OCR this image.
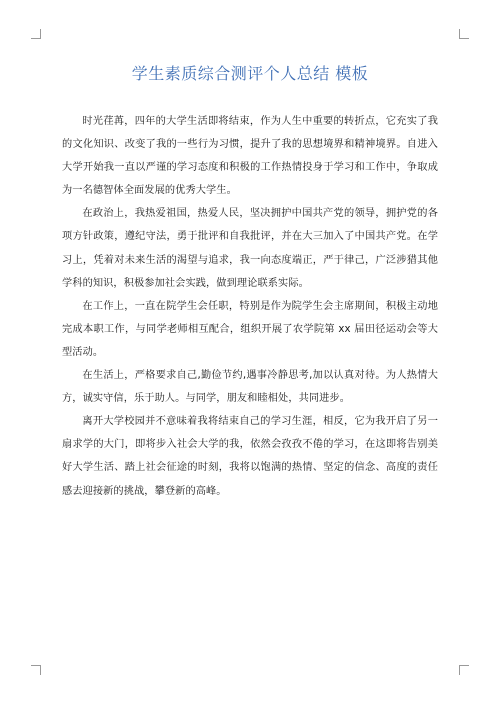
学生素质综合测评个人总结 模板

时光荏苒，四年的大学生活即将结束，作为人生中重要的转折点，它充实了我的文化知识、改变了我的一些行为习惯，提升了我的思想境界和精神境界。自进入大学开始我一直以严谨的学习态度和积极的工作热情投身于学习和工作中，争取成为一名德智体全面发展的优秀大学生。

在政治上，我热爱祖国，热爱人民，坚决拥护中国共产党的领导，拥护党的各项方针政策，遵纪守法，勇于批评和自我批评，并在大三加入了中国共产党。在学习上，凭着对未来生活的渴望与追求，我一向态度端正，严于律己，广泛涉猎其他学科的知识，积极参加社会实践，做到理论联系实际。

在工作上，一直在院学生会任职，特别是作为院学生会主席期间，积极主动地完成本职工作，与同学老师相互配合，组织开展了农学院第 xx 届田径运动会等大型活动。

在生活上，严格要求自己,勤俭节约,遇事冷静思考,加以认真对待。为人热情大方，诚实守信，乐于助人。与同学，朋友和睦相处，共同进步。

离开大学校园并不意味着我将结束自己的学习生涯，相反，它为我开启了另一扇求学的大门，即将步入社会大学的我，依然会孜孜不倦的学习，在这即将告别美好大学生活、踏上社会征途的时刻，我将以饱满的热情、坚定的信念、高度的责任感去迎接新的挑战，攀登新的高峰。
